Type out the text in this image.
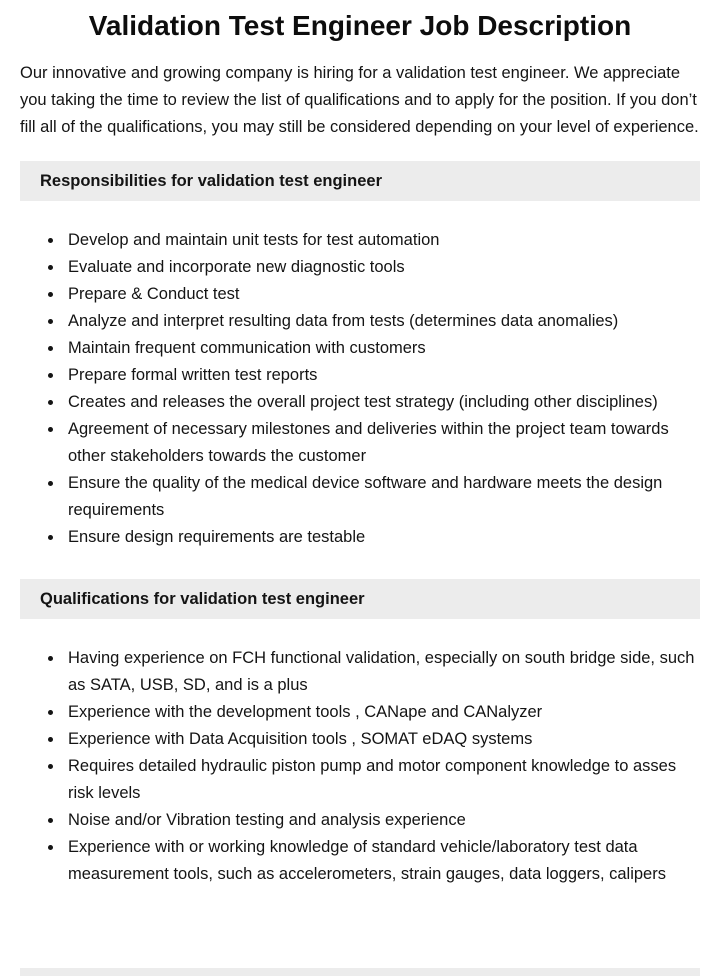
Validation Test Engineer Job Description

Our innovative and growing company is hiring for a validation test engineer. We appreciate you taking the time to review the list of qualifications and to apply for the position. If you don’t fill all of the qualifications, you may still be considered depending on your level of experience.

Responsibilities for validation test engineer
• Develop and maintain unit tests for test automation
• Evaluate and incorporate new diagnostic tools
• Prepare & Conduct test
• Analyze and interpret resulting data from tests (determines data anomalies)
• Maintain frequent communication with customers
• Prepare formal written test reports
• Creates and releases the overall project test strategy (including other disciplines)
• Agreement of necessary milestones and deliveries within the project team towards other stakeholders towards the customer
• Ensure the quality of the medical device software and hardware meets the design requirements
• Ensure design requirements are testable
Qualifications for validation test engineer
• Having experience on FCH functional validation, especially on south bridge side, such as SATA, USB, SD, and is a plus
• Experience with the development tools , CANape and CANalyzer
• Experience with Data Acquisition tools , SOMAT eDAQ systems
• Requires detailed hydraulic piston pump and motor component knowledge to asses risk levels
• Noise and/or Vibration testing and analysis experience
• Experience with or working knowledge of standard vehicle/laboratory test data measurement tools, such as accelerometers, strain gauges, data loggers, calipers
